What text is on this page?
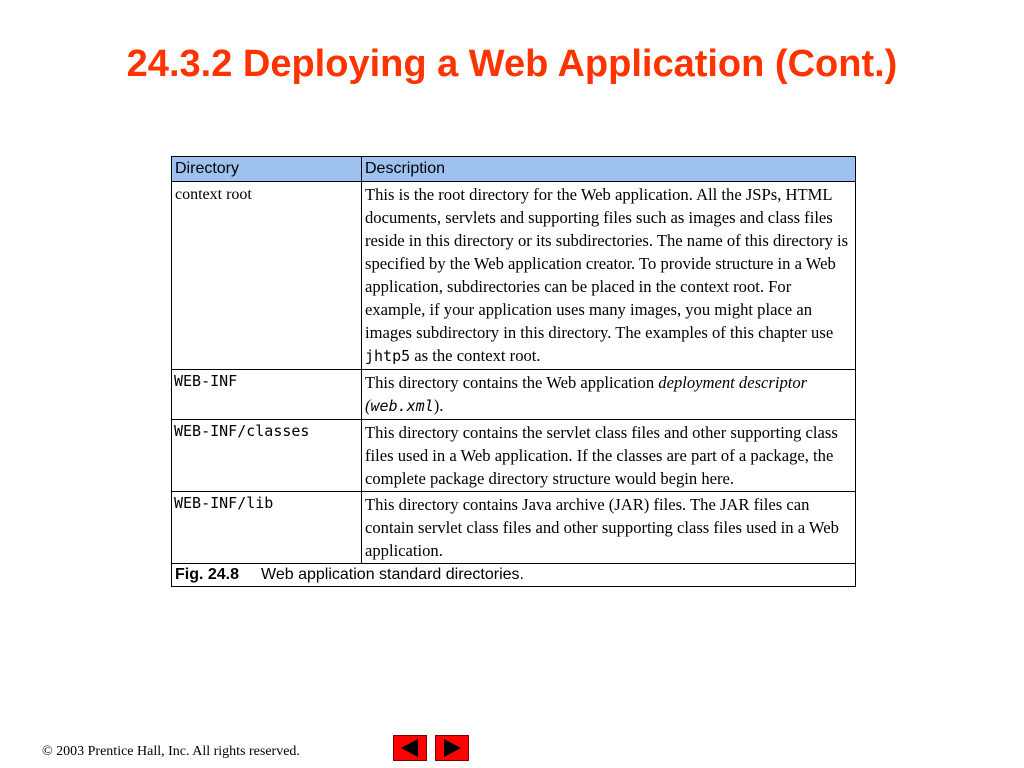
24.3.2 Deploying a Web Application (Cont.)
Directory	Description
context root	This is the root directory for the Web application. All the JSPs, HTML documents, servlets and supporting files such as images and class files reside in this directory or its subdirectories. The name of this directory is specified by the Web application creator. To provide structure in a Web application, subdirectories can be placed in the context root. For example, if your application uses many images, you might place an images subdirectory in this directory. The examples of this chapter use jhtp5 as the context root.
WEB-INF	This directory contains the Web application deployment descriptor (web.xml).
WEB-INF/classes	This directory contains the servlet class files and other supporting class files used in a Web application. If the classes are part of a package, the complete package directory structure would begin here.
WEB-INF/lib	This directory contains Java archive (JAR) files. The JAR files can contain servlet class files and other supporting class files used in a Web application.
Fig. 24.8 Web application standard directories.	
© 2003 Prentice Hall, Inc. All rights reserved.
